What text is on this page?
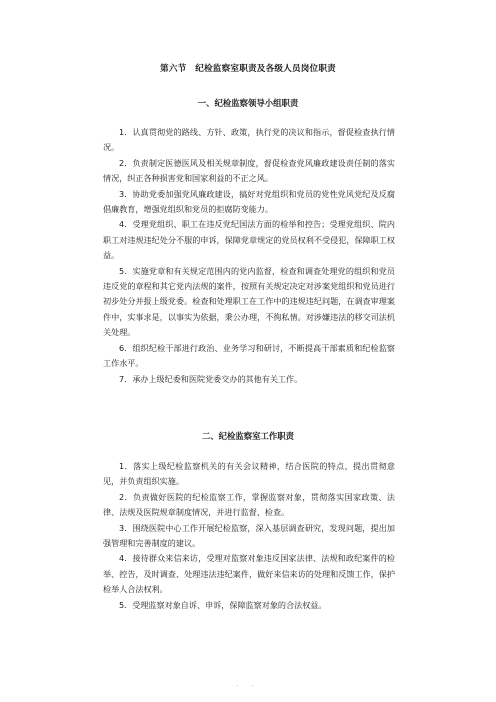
第六节　纪检监察室职责及各级人员岗位职责
一、纪检监察领导小组职责

1．认真贯彻党的路线、方针、政策，执行党的决议和指示，督促检查执行情况。

2．负责制定医德医风及相关规章制度，督促检查党风廉政建设责任制的落实情况，纠正各种损害党和国家利益的不正之风。

3．协助党委加强党风廉政建设，搞好对党组织和党员的党性党风党纪及反腐倡廉教育，增强党组织和党员的拒腐防变能力。

4．受理党组织、职工在违反党纪国法方面的检举和控告；受理党组织、院内职工对违规违纪处分不服的申诉，保障党章规定的党员权利不受侵犯，保障职工权益。

5．实施党章和有关规定范围内的党内监督，检查和调查处理党的组织和党员违反党的章程和其它党内法规的案件，按照有关规定决定对涉案党组织和党员进行初步处分并报上级党委。检查和处理职工在工作中的违规违纪问题，在调查审理案件中，实事求是，以事实为依据，秉公办理，不徇私情。对涉嫌违法的移交司法机关处理。

6．组织纪检干部进行政治、业务学习和研讨，不断提高干部素质和纪检监察工作水平。

7．承办上级纪委和医院党委交办的其他有关工作。

二、纪检监察室工作职责

1．落实上级纪检监察机关的有关会议精神，结合医院的特点，提出贯彻意见，并负责组织实施。

2．负责做好医院的纪检监察工作，掌握监察对象，贯彻落实国家政策、法律、法规及医院规章制度情况，并进行监督、检查。

3．围绕医院中心工作开展纪检监察，深入基层调查研究，发现问题，提出加强管理和完善制度的建议。

4．接待群众来信来访，受理对监察对象违反国家法律、法规和政纪案件的检举、控告，及时调查、处理违法违纪案件，做好来信来访的处理和反馈工作，保护检举人合法权利。

5．受理监察对象自诉、申诉，保障监察对象的合法权益。

. .
